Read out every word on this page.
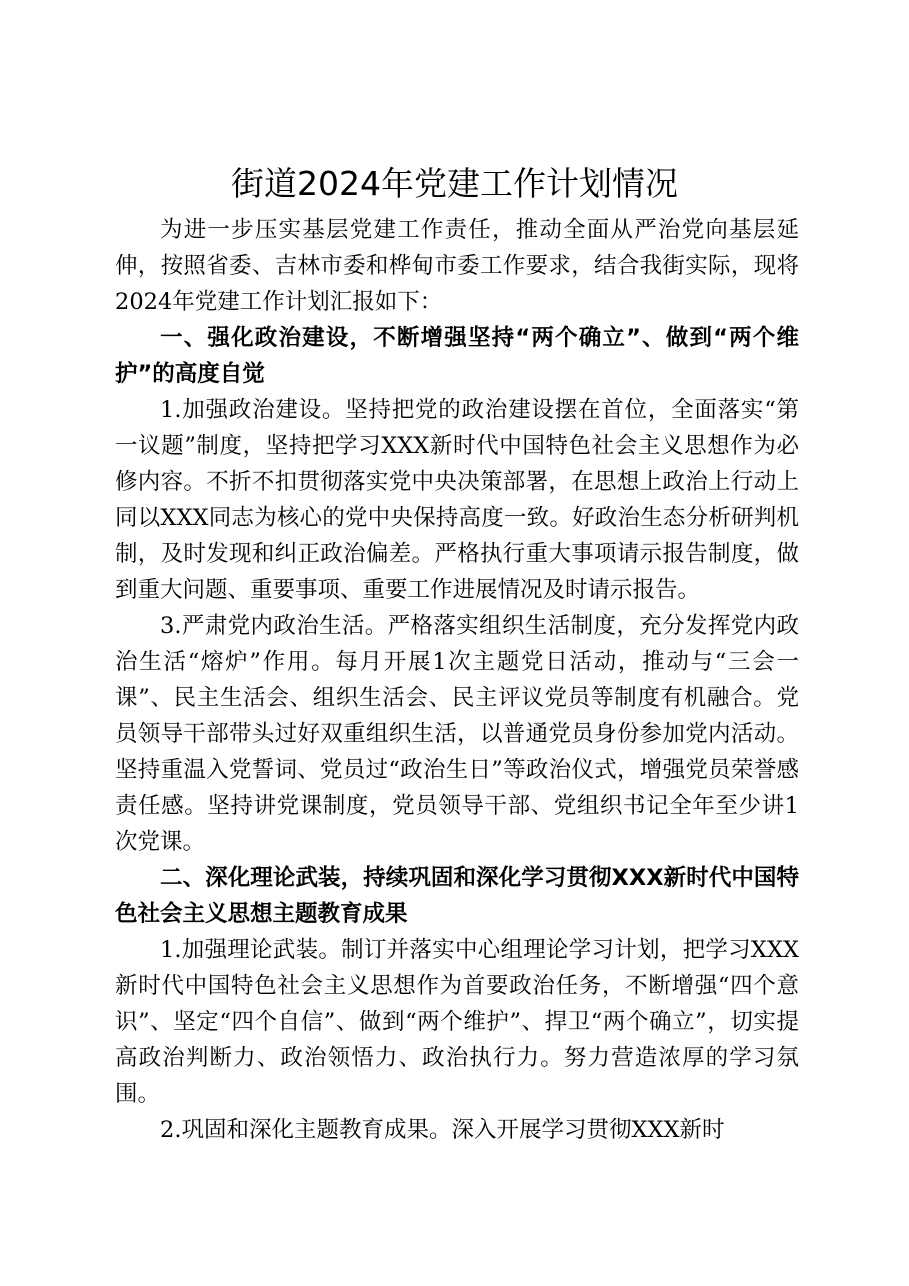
街道2024年党建工作计划情况

为进一步压实基层党建工作责任，推动全面从严治党向基层延伸，按照省委、吉林市委和桦甸市委工作要求，结合我街实际，现将2024年党建工作计划汇报如下：

一、强化政治建设，不断增强坚持“两个确立”、做到“两个维护”的高度自觉

1.加强政治建设。坚持把党的政治建设摆在首位，全面落实“第一议题”制度，坚持把学习XXX新时代中国特色社会主义思想作为必修内容。不折不扣贯彻落实党中央决策部署，在思想上政治上行动上同以XXX同志为核心的党中央保持高度一致。好政治生态分析研判机制，及时发现和纠正政治偏差。严格执行重大事项请示报告制度，做到重大问题、重要事项、重要工作进展情况及时请示报告。

3.严肃党内政治生活。严格落实组织生活制度，充分发挥党内政治生活“熔炉”作用。每月开展1次主题党日活动，推动与“三会一课”、民主生活会、组织生活会、民主评议党员等制度有机融合。党员领导干部带头过好双重组织生活，以普通党员身份参加党内活动。坚持重温入党誓词、党员过“政治生日”等政治仪式，增强党员荣誉感责任感。坚持讲党课制度，党员领导干部、党组织书记全年至少讲1次党课。

二、深化理论武装，持续巩固和深化学习贯彻XXX新时代中国特色社会主义思想主题教育成果

1.加强理论武装。制订并落实中心组理论学习计划，把学习XXX新时代中国特色社会主义思想作为首要政治任务，不断增强“四个意识”、坚定“四个自信”、做到“两个维护”、捍卫“两个确立”，切实提高政治判断力、政治领悟力、政治执行力。努力营造浓厚的学习氛围。

2.巩固和深化主题教育成果。深入开展学习贯彻XXX新时
